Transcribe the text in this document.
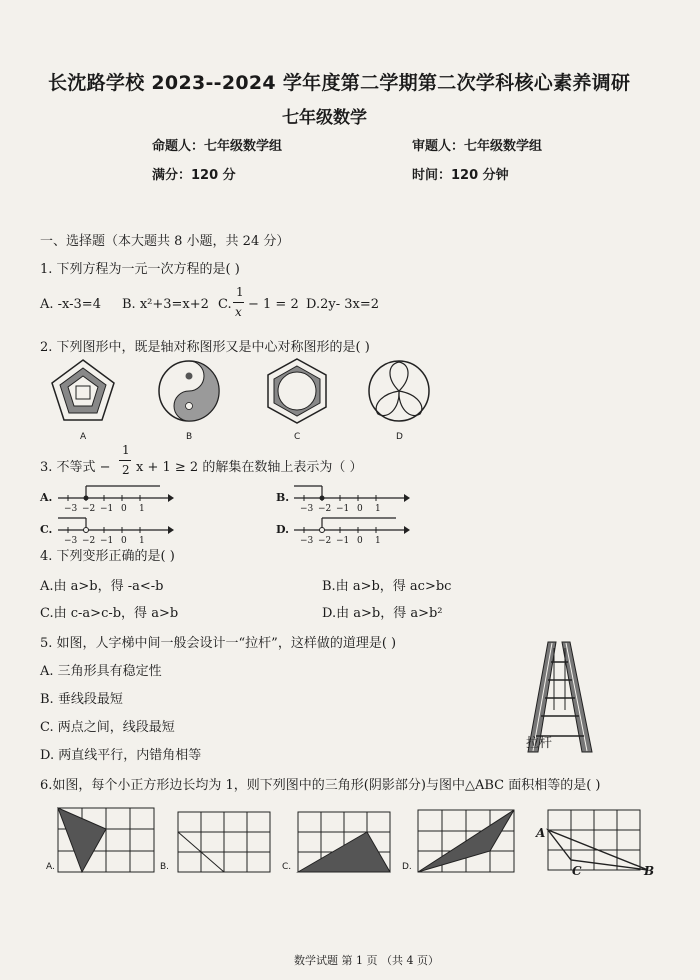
长沈路学校 2023--2024 学年度第二学期第二次学科核心素养调研
七年级数学
命题人：七年级数学组	审题人：七年级数学组
满分：120 分	时间：120 分钟
一、选择题（本大题共 8 小题，共 24 分）
1. 下列方程为一元一次方程的是( )
A. -x-3=4 B. x²+3=x+2 C.
1
x − 1 = 2 D.2y- 3x=2
2. 下列图形中，既是轴对称图形又是中心对称图形的是( )
A	B	C	D
3. 不等式 −
1
2 x + 1 ≥ 2 的解集在数轴上表示为（ ）
A.
−3 −2 −1 0 1
B.
−3 −2 −1 0 1
C.
−3 −2 −1 0 1
D.
−3 −2 −1 0 1
4. 下列变形正确的是( )
A.由 a>b，得 -a<-b	B.由 a>b，得 ac>bc
C.由 c-a>c-b，得 a>b	D.由 a>b，得 a>b²
5. 如图，人字梯中间一般会设计一“拉杆”，这样做的道理是( )
A. 三角形具有稳定性
B. 垂线段最短
C. 两点之间，线段最短
D. 两直线平行，内错角相等
拉杆
6.如图，每个小正方形边长均为 1，则下列图中的三角形(阴影部分)与图中△ABC 面积相等的是( )
A.	B.	C.	D.
A
C	B
数学试题 第 1 页 （共 4 页）
